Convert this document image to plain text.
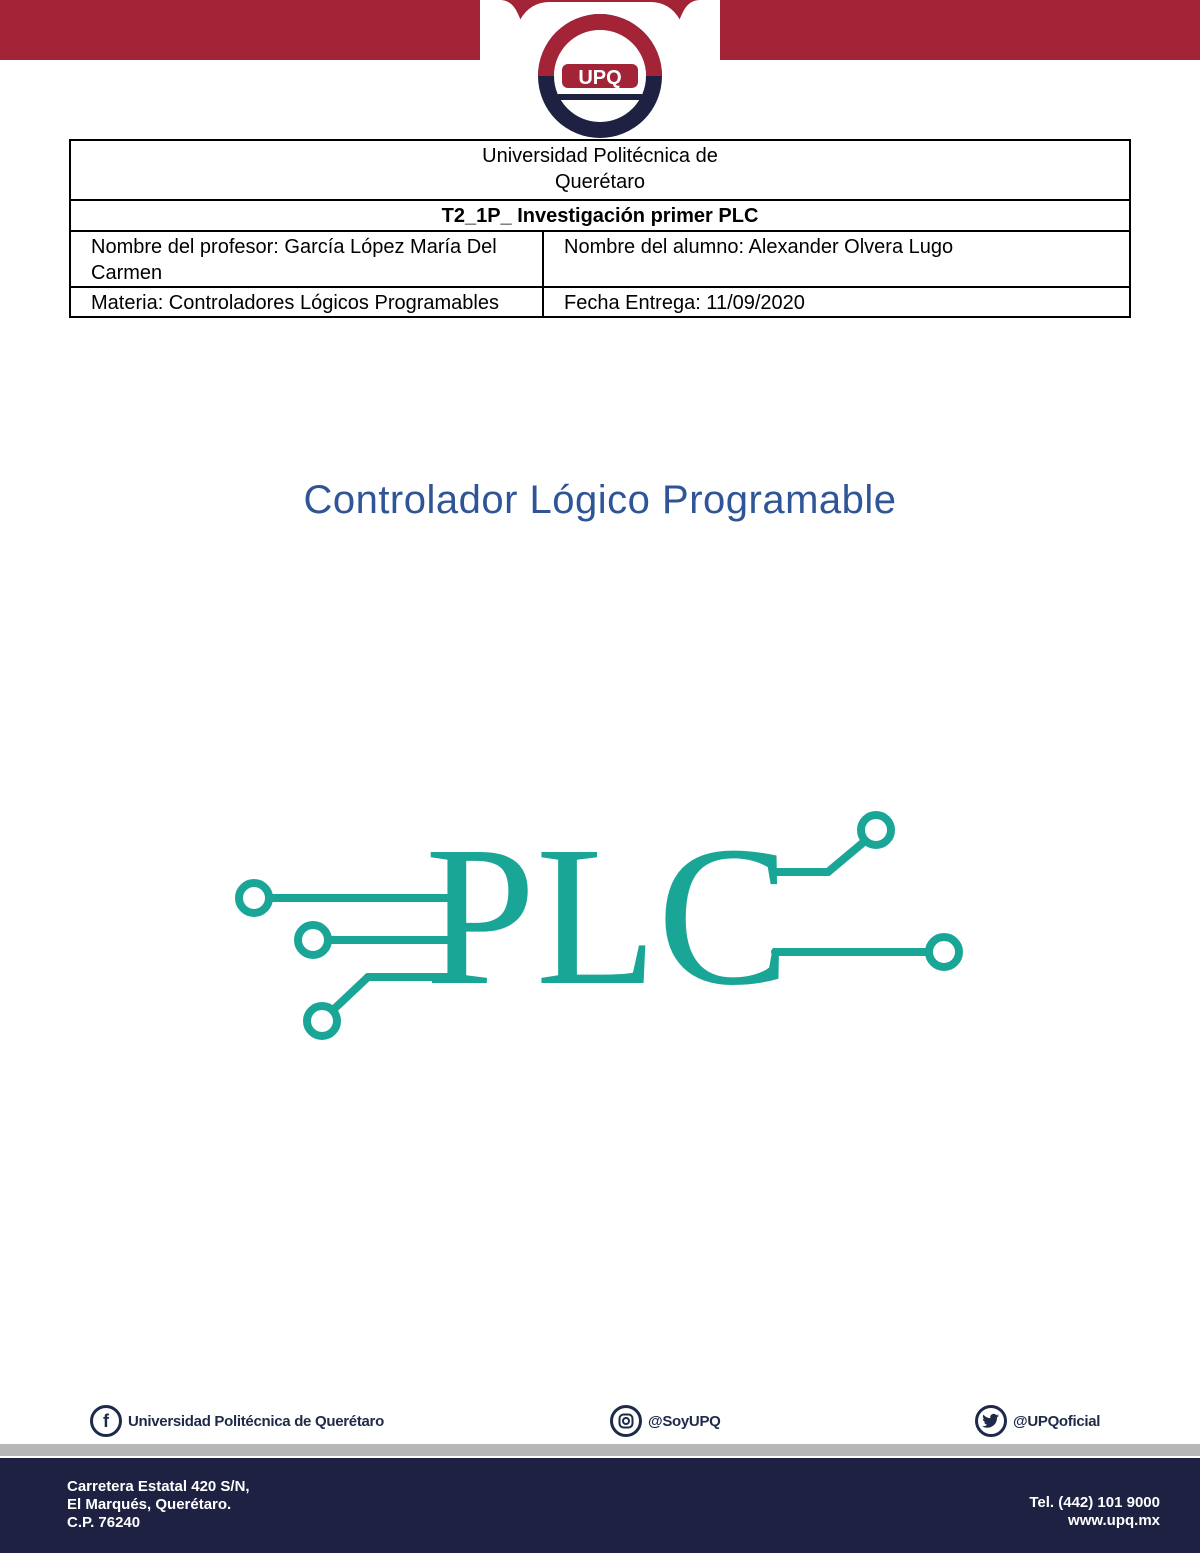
UPQ
Universidad Politécnica de
Querétaro	

T2_1P_ Investigación primer PLC	
Nombre del profesor: García López María Del Carmen	Nombre del alumno: Alexander Olvera Lugo
Materia: Controladores Lógicos Programables	Fecha Entrega: 11/09/2020
Controlador Lógico Programable
PLC
f	Universidad Politécnica de Querétaro	@SoyUPQ	@UPQoficial
Carretera Estatal 420 S/N,
El Marqués, Querétaro.
C.P. 76240
Tel. (442) 101 9000
www.upq.mx
